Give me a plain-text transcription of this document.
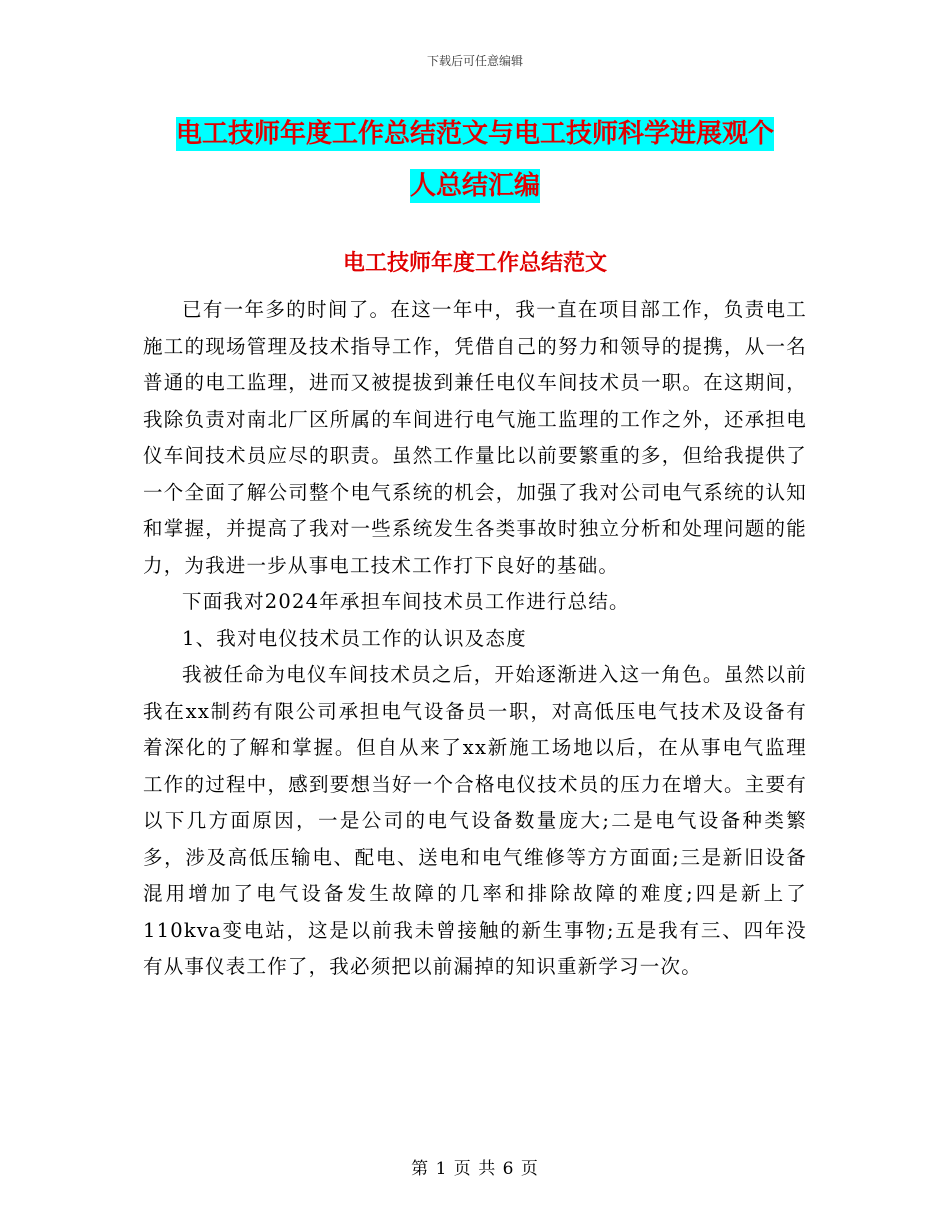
下载后可任意编辑
电工技师年度工作总结范文与电工技师科学进展观个
人总结汇编
电工技师年度工作总结范文

已有一年多的时间了。在这一年中，我一直在项目部工作，负责电工施工的现场管理及技术指导工作，凭借自己的努力和领导的提携，从一名普通的电工监理，进而又被提拔到兼任电仪车间技术员一职。在这期间，我除负责对南北厂区所属的车间进行电气施工监理的工作之外，还承担电仪车间技术员应尽的职责。虽然工作量比以前要繁重的多，但给我提供了一个全面了解公司整个电气系统的机会，加强了我对公司电气系统的认知和掌握，并提高了我对一些系统发生各类事故时独立分析和处理问题的能力，为我进一步从事电工技术工作打下良好的基础。

下面我对2024年承担车间技术员工作进行总结。

1、我对电仪技术员工作的认识及态度

我被任命为电仪车间技术员之后，开始逐渐进入这一角色。虽然以前我在xx制药有限公司承担电气设备员一职，对高低压电气技术及设备有着深化的了解和掌握。但自从来了xx新施工场地以后，在从事电气监理工作的过程中，感到要想当好一个合格电仪技术员的压力在增大。主要有以下几方面原因，一是公司的电气设备数量庞大;二是电气设备种类繁多，涉及高低压输电、配电、送电和电气维修等方方面面;三是新旧设备混用增加了电气设备发生故障的几率和排除故障的难度;四是新上了110kva变电站，这是以前我未曾接触的新生事物;五是我有三、四年没有从事仪表工作了，我必须把以前漏掉的知识重新学习一次。

第 1 页 共 6 页
